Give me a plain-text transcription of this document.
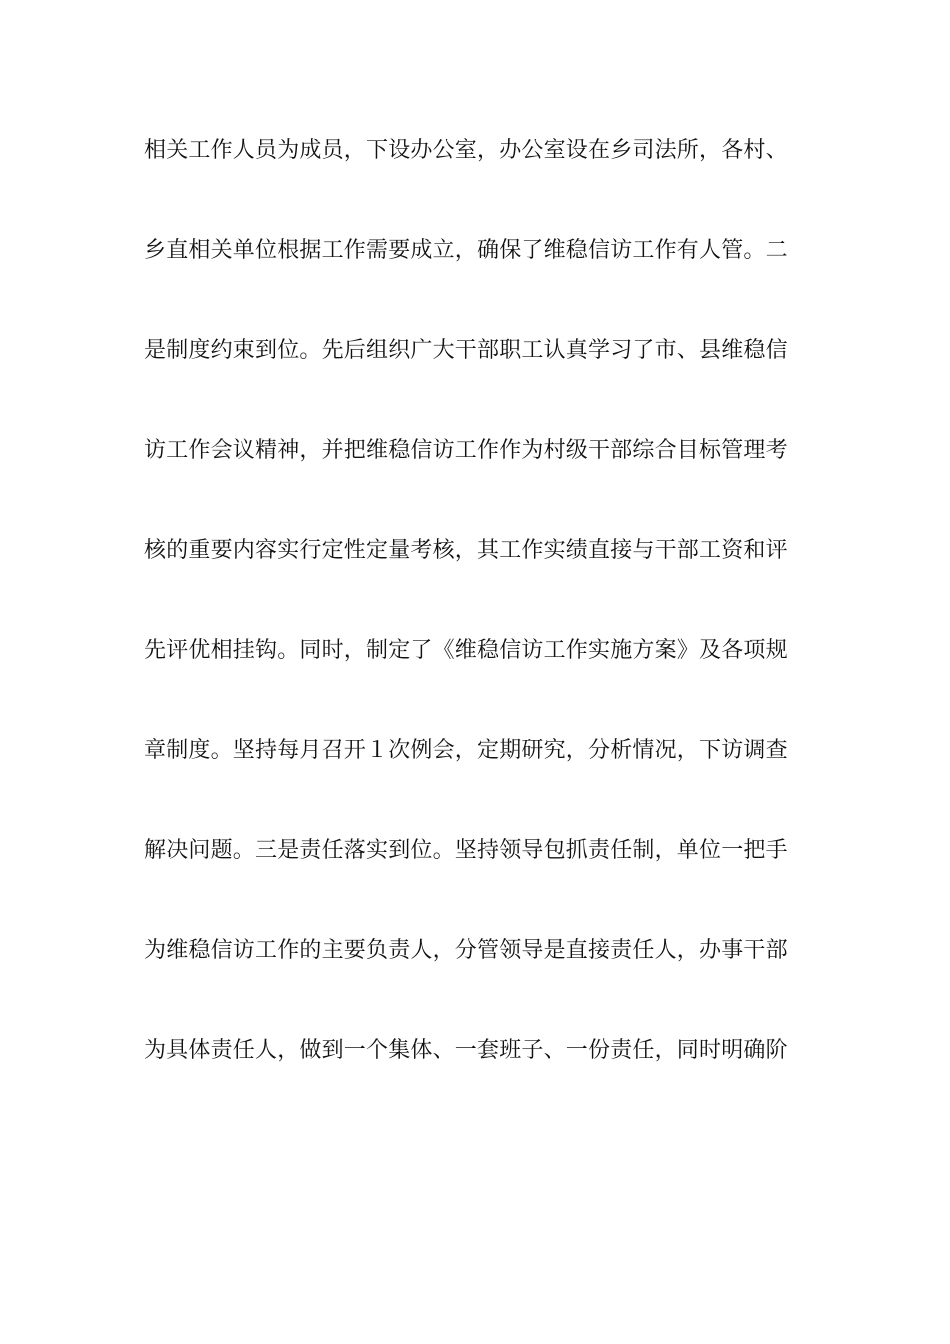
相关工作人员为成员，下设办公室，办公室设在乡司法所，各村、
乡直相关单位根据工作需要成立，确保了维稳信访工作有人管。二
是制度约束到位。先后组织广大干部职工认真学习了市、县维稳信
访工作会议精神，并把维稳信访工作作为村级干部综合目标管理考
核的重要内容实行定性定量考核，其工作实绩直接与干部工资和评
先评优相挂钩。同时，制定了《维稳信访工作实施方案》及各项规
章制度。坚持每月召开１次例会，定期研究，分析情况，下访调查
解决问题。三是责任落实到位。坚持领导包抓责任制，单位一把手
为维稳信访工作的主要负责人，分管领导是直接责任人，办事干部
为具体责任人，做到一个集体、一套班子、一份责任，同时明确阶
